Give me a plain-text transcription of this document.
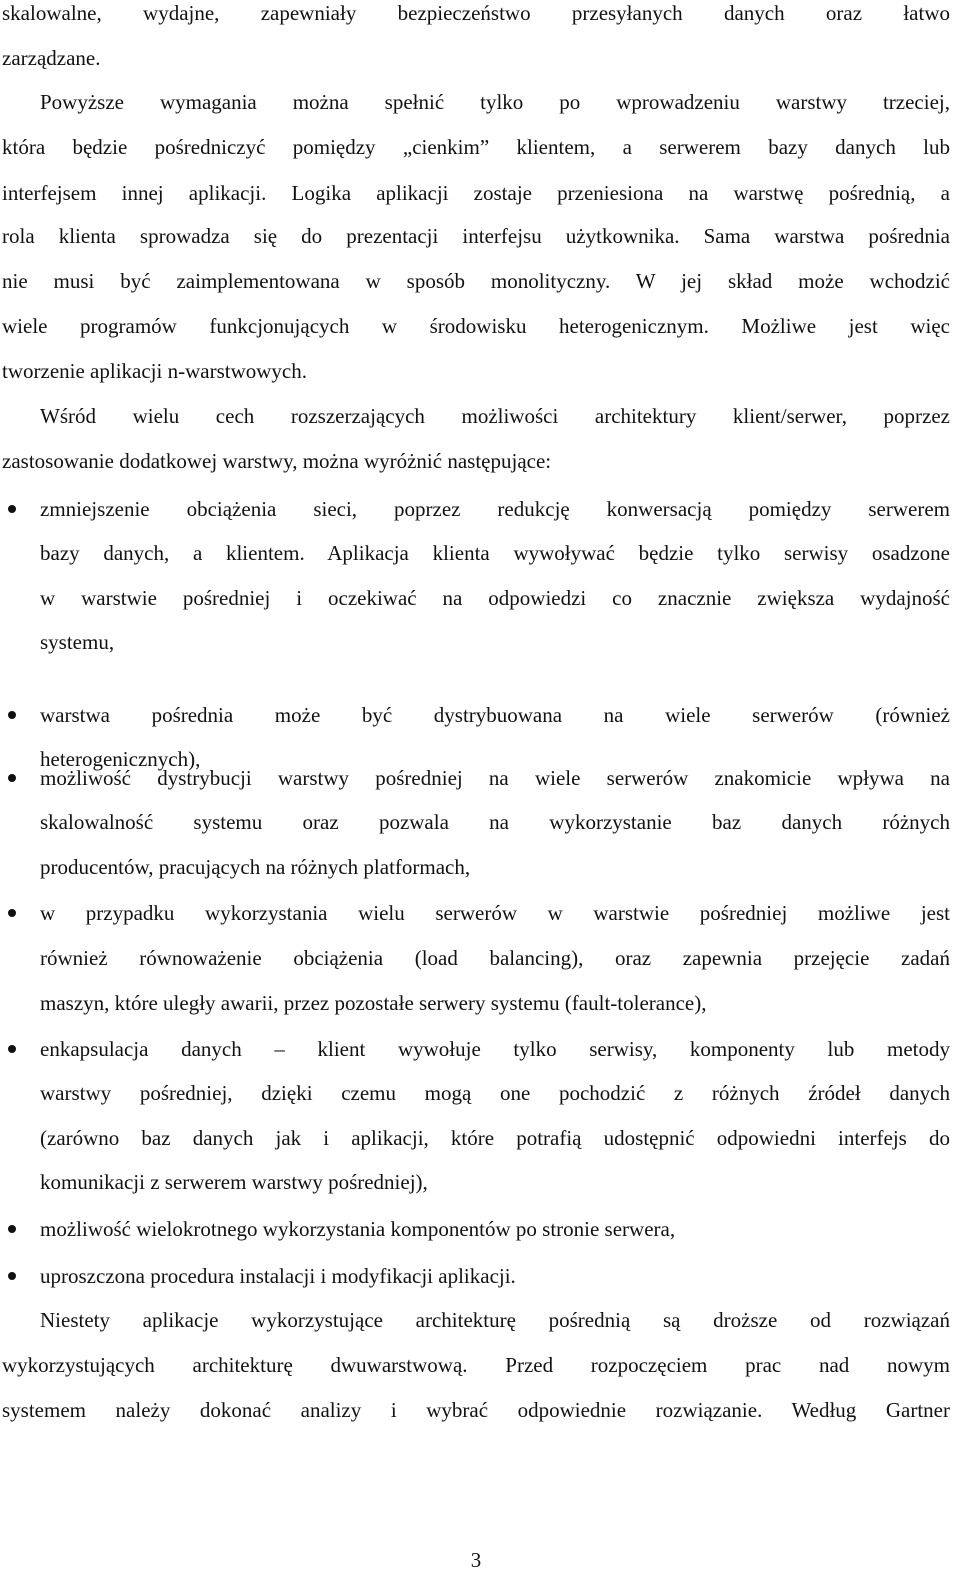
skalowalne, wydajne, zapewniały bezpieczeństwo przesyłanych danych oraz łatwo
zarządzane.
Powyższe wymagania można spełnić tylko po wprowadzeniu warstwy trzeciej,
która będzie pośredniczyć pomiędzy „cienkim” klientem, a serwerem bazy danych lub
interfejsem innej aplikacji. Logika aplikacji zostaje przeniesiona na warstwę pośrednią, a
rola klienta sprowadza się do prezentacji interfejsu użytkownika. Sama warstwa pośrednia
nie musi być zaimplementowana w sposób monolityczny. W jej skład może wchodzić
wiele programów funkcjonujących w środowisku heterogenicznym. Możliwe jest więc
tworzenie aplikacji n-warstwowych.
Wśród wielu cech rozszerzających możliwości architektury klient/serwer, poprzez
zastosowanie dodatkowej warstwy, można wyróżnić następujące:
zmniejszenie obciążenia sieci, poprzez redukcję konwersacją pomiędzy serwerem
bazy danych, a klientem. Aplikacja klienta wywoływać będzie tylko serwisy osadzone
w warstwie pośredniej i oczekiwać na odpowiedzi co znacznie zwiększa wydajność
systemu,
warstwa pośrednia może być dystrybuowana na wiele serwerów (również
heterogenicznych),
możliwość dystrybucji warstwy pośredniej na wiele serwerów znakomicie wpływa na
skalowalność systemu oraz pozwala na wykorzystanie baz danych różnych
producentów, pracujących na różnych platformach,
w przypadku wykorzystania wielu serwerów w warstwie pośredniej możliwe jest
również równoważenie obciążenia (load balancing), oraz zapewnia przejęcie zadań
maszyn, które uległy awarii, przez pozostałe serwery systemu (fault-tolerance),
enkapsulacja danych – klient wywołuje tylko serwisy, komponenty lub metody
warstwy pośredniej, dzięki czemu mogą one pochodzić z różnych źródeł danych
(zarówno baz danych jak i aplikacji, które potrafią udostępnić odpowiedni interfejs do
komunikacji z serwerem warstwy pośredniej),
możliwość wielokrotnego wykorzystania komponentów po stronie serwera,
uproszczona procedura instalacji i modyfikacji aplikacji.
Niestety aplikacje wykorzystujące architekturę pośrednią są droższe od rozwiązań
wykorzystujących architekturę dwuwarstwową. Przed rozpoczęciem prac nad nowym
systemem należy dokonać analizy i wybrać odpowiednie rozwiązanie. Według Gartner
3
